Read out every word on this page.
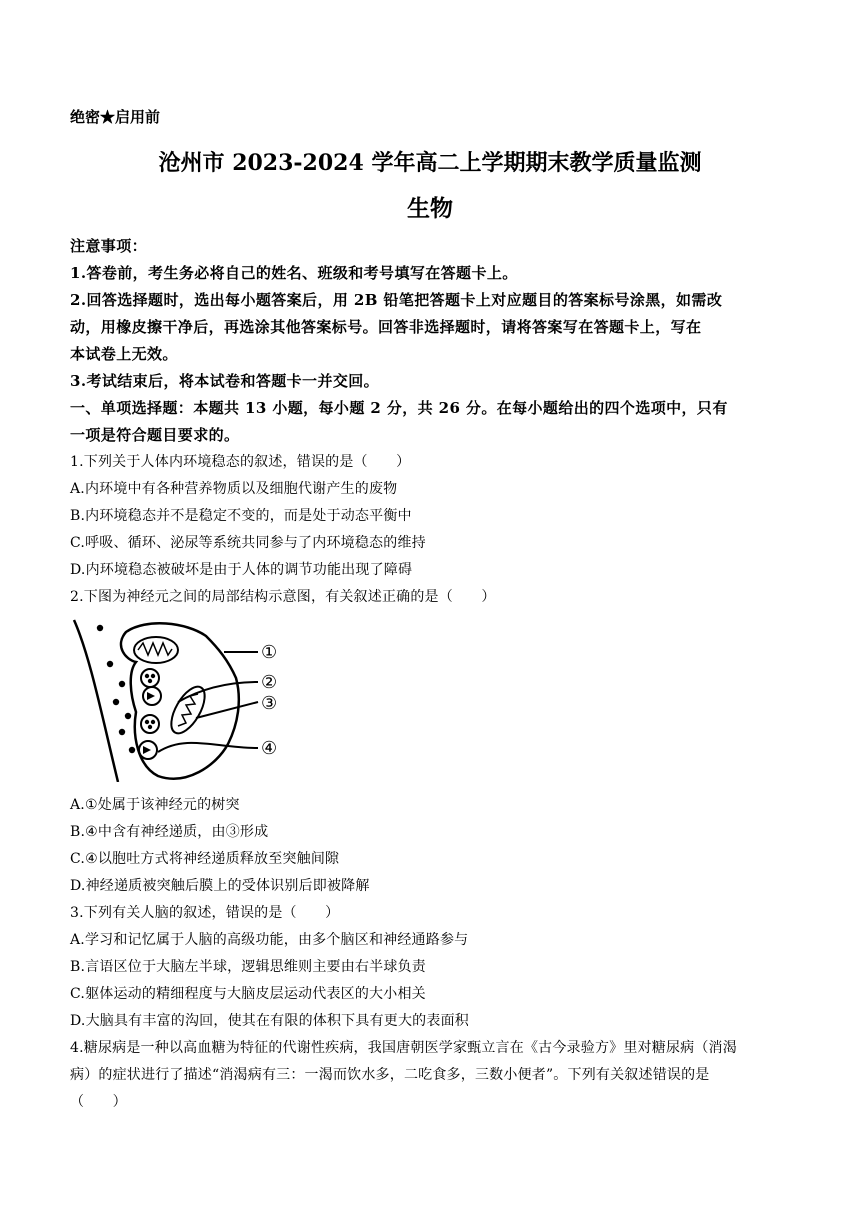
绝密★启用前
沧州市 2023-2024 学年高二上学期期末教学质量监测
生物
注意事项：
1.答卷前，考生务必将自己的姓名、班级和考号填写在答题卡上。
2.回答选择题时，选出每小题答案后，用 2B 铅笔把答题卡上对应题目的答案标号涂黑，如需改
动，用橡皮擦干净后，再选涂其他答案标号。回答非选择题时，请将答案写在答题卡上，写在
本试卷上无效。
3.考试结束后，将本试卷和答题卡一并交回。
一、单项选择题：本题共 13 小题，每小题 2 分，共 26 分。在每小题给出的四个选项中，只有
一项是符合题目要求的。
1.下列关于人体内环境稳态的叙述，错误的是（　　）
A.内环境中有各种营养物质以及细胞代谢产生的废物
B.内环境稳态并不是稳定不变的，而是处于动态平衡中
C.呼吸、循环、泌尿等系统共同参与了内环境稳态的维持
D.内环境稳态被破坏是由于人体的调节功能出现了障碍
2.下图为神经元之间的局部结构示意图，有关叙述正确的是（　　）
①
②
③
④
A.①处属于该神经元的树突
B.④中含有神经递质，由③形成
C.④以胞吐方式将神经递质释放至突触间隙
D.神经递质被突触后膜上的受体识别后即被降解
3.下列有关人脑的叙述，错误的是（　　）
A.学习和记忆属于人脑的高级功能，由多个脑区和神经通路参与
B.言语区位于大脑左半球，逻辑思维则主要由右半球负责
C.躯体运动的精细程度与大脑皮层运动代表区的大小相关
D.大脑具有丰富的沟回，使其在有限的体积下具有更大的表面积
4.糖尿病是一种以高血糖为特征的代谢性疾病，我国唐朝医学家甄立言在《古今录验方》里对糖尿病（消渴
病）的症状进行了描述“消渴病有三：一渴而饮水多，二吃食多，三数小便者”。下列有关叙述错误的是
（　　）
